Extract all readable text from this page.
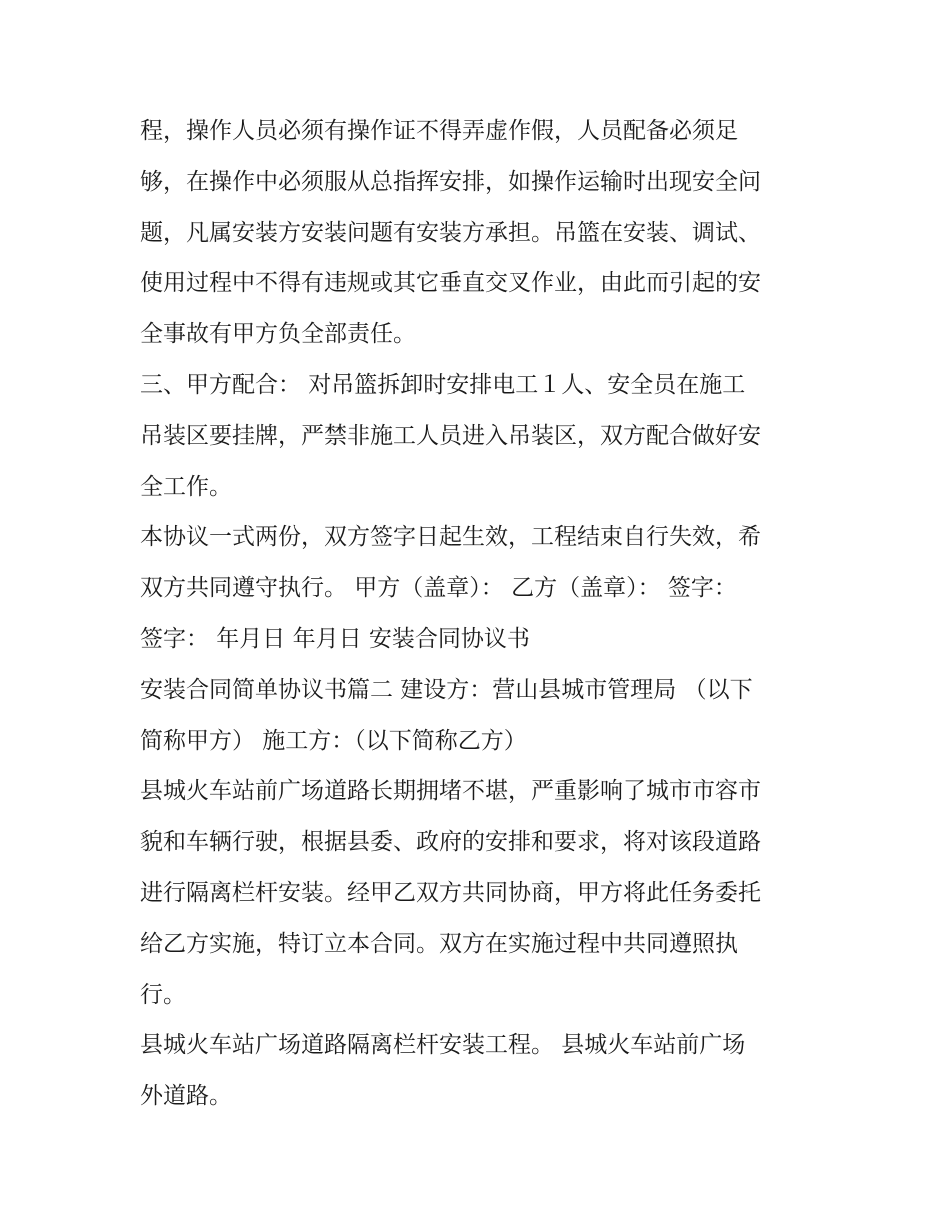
程，操作人员必须有操作证不得弄虚作假，人员配备必须足
够，在操作中必须服从总指挥安排，如操作运输时出现安全问
题，凡属安装方安装问题有安装方承担。吊篮在安装、调试、
使用过程中不得有违规或其它垂直交叉作业，由此而引起的安
全事故有甲方负全部责任。
三、甲方配合： 对吊篮拆卸时安排电工１人、安全员在施工
吊装区要挂牌，严禁非施工人员进入吊装区，双方配合做好安
全工作。
本协议一式两份，双方签字日起生效，工程结束自行失效，希
双方共同遵守执行。 甲方（盖章）： 乙方（盖章）： 签字：
签字： 年月日 年月日 安装合同协议书
安装合同简单协议书篇二 建设方：营山县城市管理局 （以下
简称甲方） 施工方：（以下简称乙方）
县城火车站前广场道路长期拥堵不堪，严重影响了城市市容市
貌和车辆行驶，根据县委、政府的安排和要求，将对该段道路
进行隔离栏杆安装。经甲乙双方共同协商，甲方将此任务委托
给乙方实施，特订立本合同。双方在实施过程中共同遵照执
行。
县城火车站广场道路隔离栏杆安装工程。 县城火车站前广场
外道路。
